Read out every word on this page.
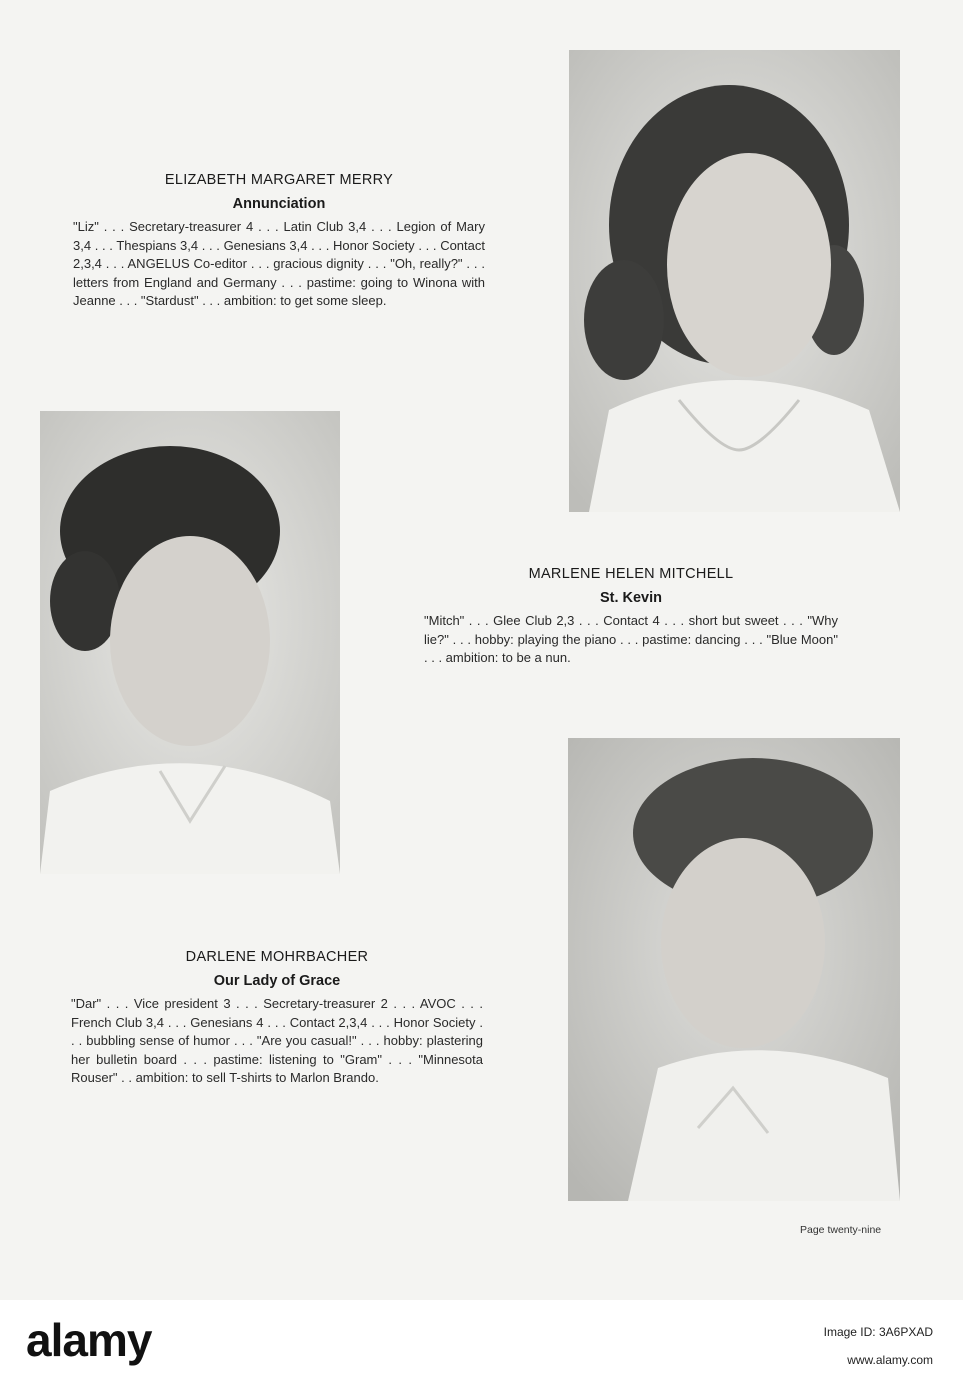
ELIZABETH MARGARET MERRY
Annunciation

"Liz" . . . Secretary-treasurer 4 . . . Latin Club 3,4 . . . Legion of Mary 3,4 . . . Thespians 3,4 . . . Genesians 3,4 . . . Honor Society . . . Contact 2,3,4 . . . ANGELUS Co-editor . . . gracious dignity . . . "Oh, really?" . . . letters from England and Germany . . . pastime: going to Winona with Jeanne . . . "Stardust" . . . ambition: to get some sleep.

MARLENE HELEN MITCHELL
St. Kevin

"Mitch" . . . Glee Club 2,3 . . . Contact 4 . . . short but sweet . . . "Why lie?" . . . hobby: playing the piano . . . pastime: dancing . . . "Blue Moon" . . . ambition: to be a nun.

DARLENE MOHRBACHER
Our Lady of Grace

"Dar" . . . Vice president 3 . . . Secretary-treasurer 2 . . . AVOC . . . French Club 3,4 . . . Genesians 4 . . . Contact 2,3,4 . . . Honor Society . . . bubbling sense of humor . . . "Are you casual!" . . . hobby: plastering her bulletin board . . . pastime: listening to "Gram" . . . "Minnesota Rouser" . . ambition: to sell T-shirts to Marlon Brando.

Page twenty-nine
alamy	Image ID: 3A6PXAD
www.alamy.com
